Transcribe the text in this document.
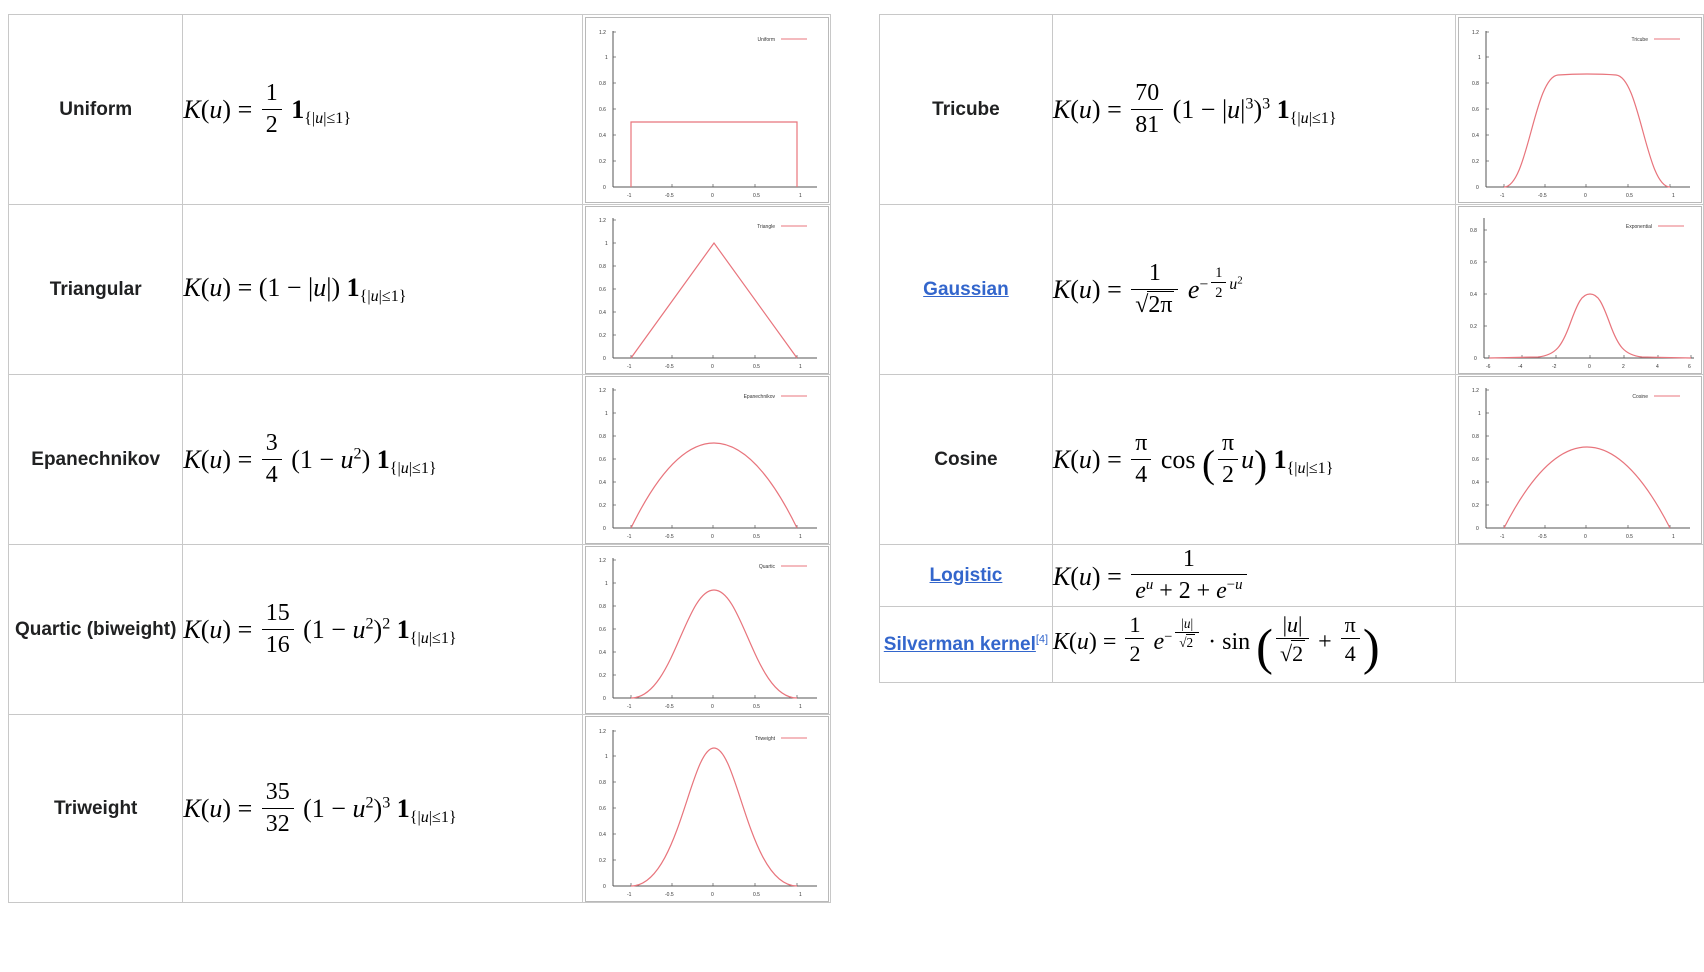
Uniform	$K(u) = \frac{1}{2} 1\{|u|\le 1\}$	
0
0.2
0.4
0.6
0.8
1
1.2
-1	-0.5	0	0.5	1
Uniform

Triangular	K(u) = (1 − |u|) 1{|u|≤1}	
0
0.2
0.4
0.6
0.8
1
1.2
-1	-0.5	0	0.5	1
Triangle

Epanechnikov	$K(u) = \frac{3}{4} (1 - u^2)$ 1{|u|≤1}	
0
0.2
0.4
0.6
0.8
1
1.2
-1	-0.5	0	0.5	1
Epanechnikov

Quartic (biweight)	$K(u) = \frac{15}{16} (1 - u^2)^2$ 1{|u|≤1}	
0
0.2
0.4
0.6
0.8
1
1.2
-1	-0.5	0	0.5	1
Quartic

Triweight	$K(u) = \frac{35}{32} (1 - u^2)^3$ 1{|u|≤1}	
0
0.2
0.4
0.6
0.8
1
1.2
-1	-0.5	0	0.5	1
Triweight
Tricube	$K(u) = \frac{70}{81} (1 - |u|^3)^3$ 1{|u|≤1}	
0
0.2
0.4
0.6
0.8
1
1.2
-1	-0.5	0	0.5	1
Tricube

Gaussian	$K(u) = \frac{1}{√2\pi} e^{- \frac{1}{2} u^2}$	
0
0.2
0.4
0.6
0.8
-6	-4	-2	0	2	4	6
Exponential

Cosine	$K(u) = \frac{\pi}{4}$ cos ( $\frac{\pi}{2} u$) 1{|u|≤1}	
0
0.2
0.4
0.6
0.8
1
1.2
-1	-0.5	0	0.5	1
Cosine

Logistic	$K(u) = \frac{1}{e^u + 2 + e^{-u}}$

Silverman kernel[4]	$K(u) = \frac{1}{2} e^{- \frac{|u|}{√2}} \cdot \sin$ ( $\frac{|u|}{√2} + \frac{\pi}{4}$ )	
